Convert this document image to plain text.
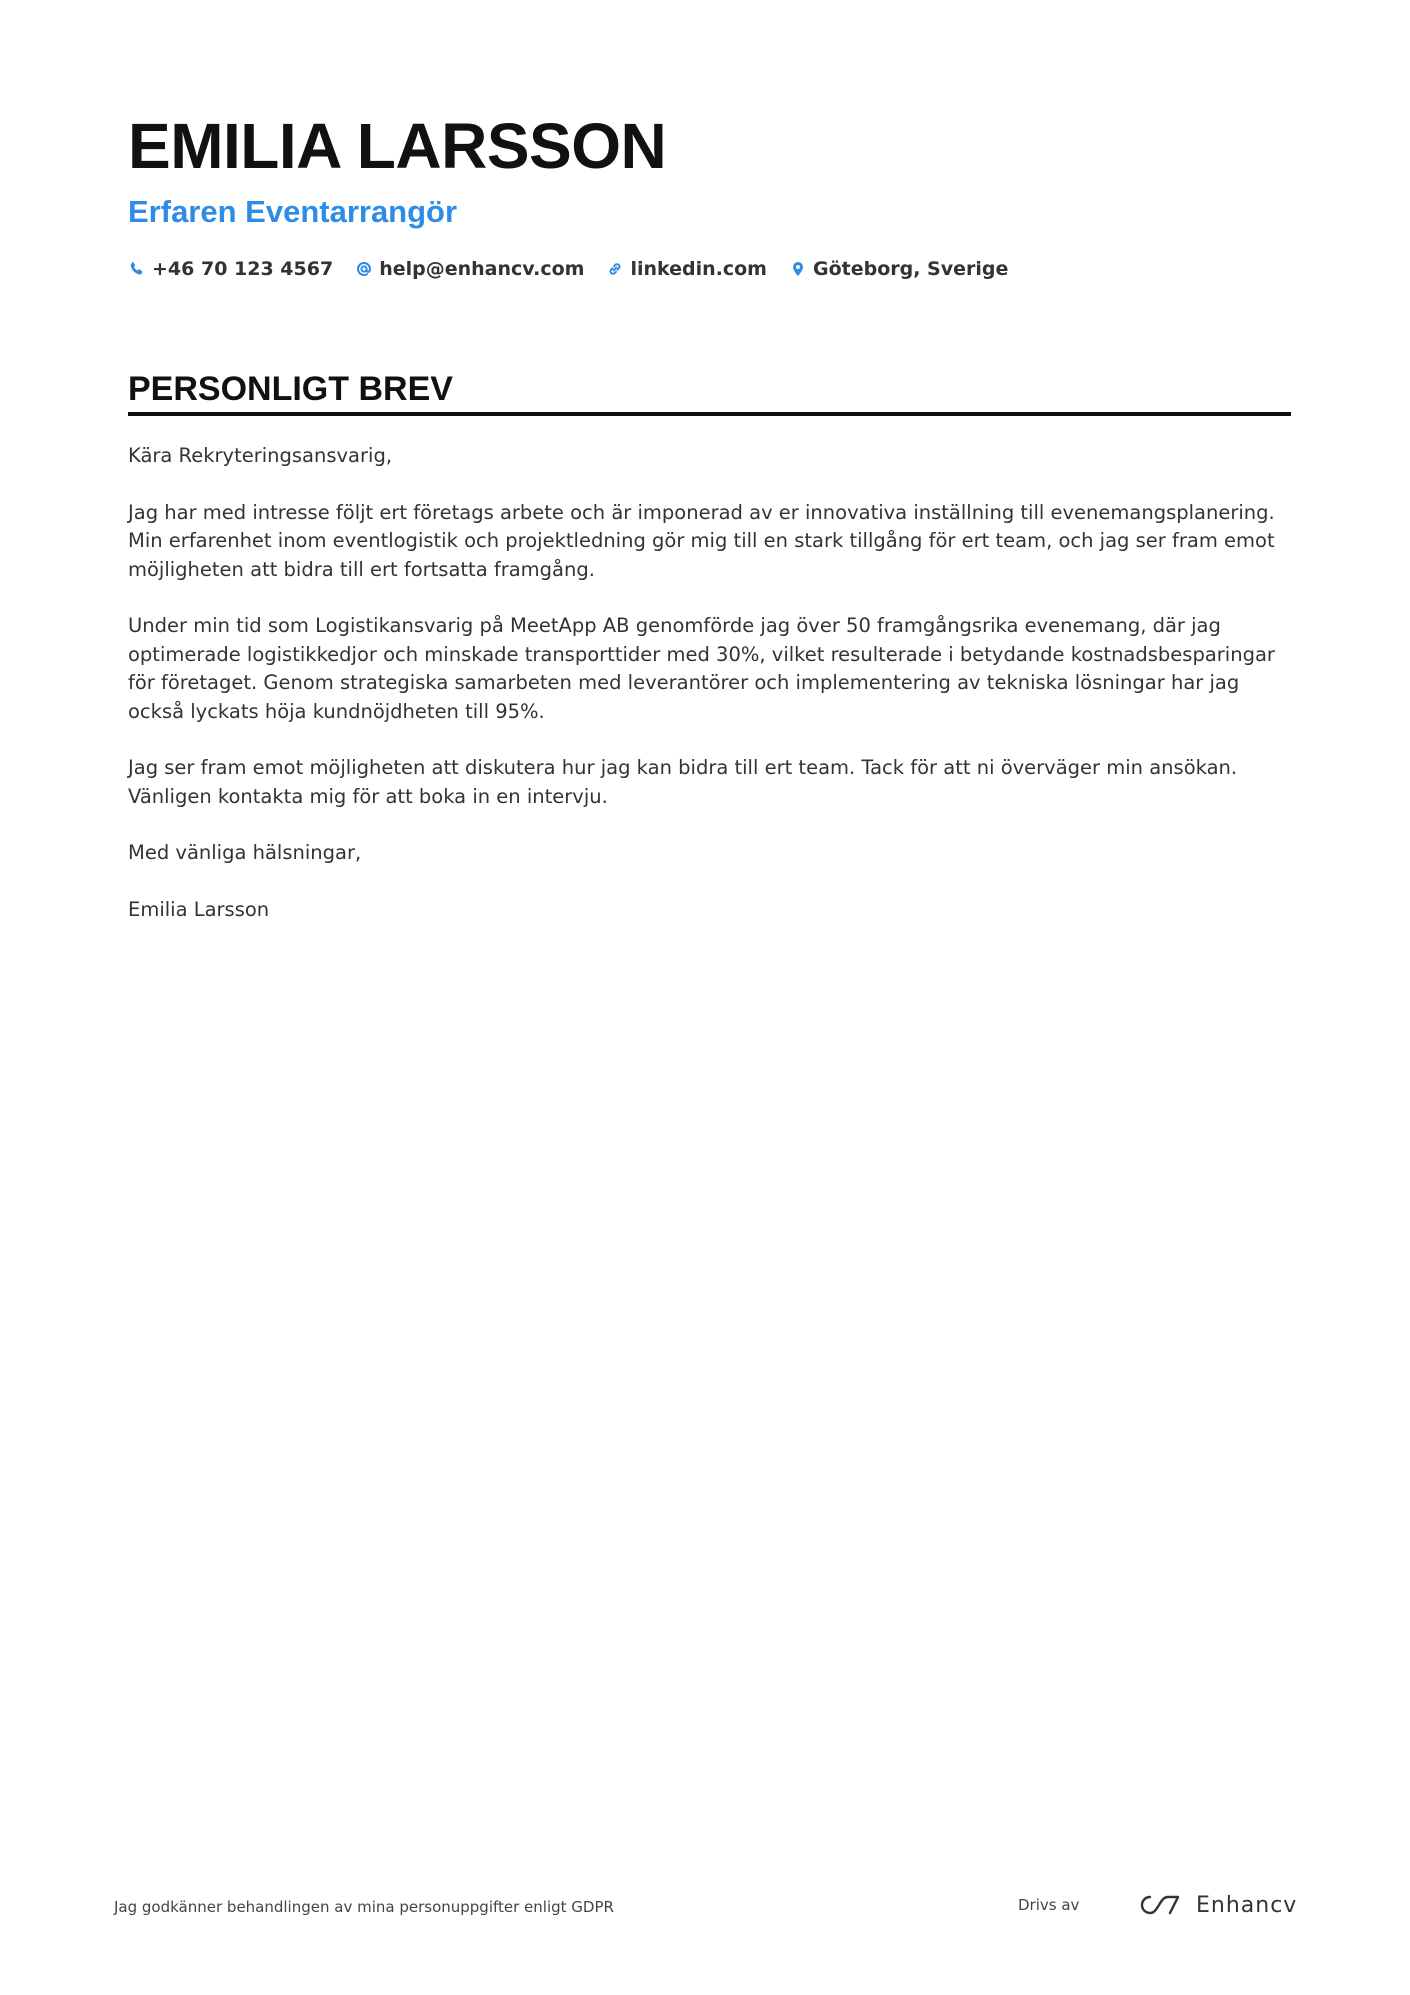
EMILIA LARSSON
Erfaren Eventarrangör
+46 70 123 4567 help@enhancv.com linkedin.com Göteborg, Sverige
PERSONLIGT BREV

Kära Rekryteringsansvarig,

Jag har med intresse följt ert företags arbete och är imponerad av er innovativa inställning till evenemangsplanering. Min erfarenhet inom eventlogistik och projektledning gör mig till en stark tillgång för ert team, och jag ser fram emot möjligheten att bidra till ert fortsatta framgång.

Under min tid som Logistikansvarig på MeetApp AB genomförde jag över 50 framgångsrika evenemang, där jag optimerade logistikkedjor och minskade transporttider med 30%, vilket resulterade i betydande kostnadsbesparingar för företaget. Genom strategiska samarbeten med leverantörer och implementering av tekniska lösningar har jag också lyckats höja kundnöjdheten till 95%.

Jag ser fram emot möjligheten att diskutera hur jag kan bidra till ert team. Tack för att ni överväger min ansökan. Vänligen kontakta mig för att boka in en intervju.

Med vänliga hälsningar,

Emilia Larsson

Jag godkänner behandlingen av mina personuppgifter enligt GDPR	Drivs av	Enhancv
